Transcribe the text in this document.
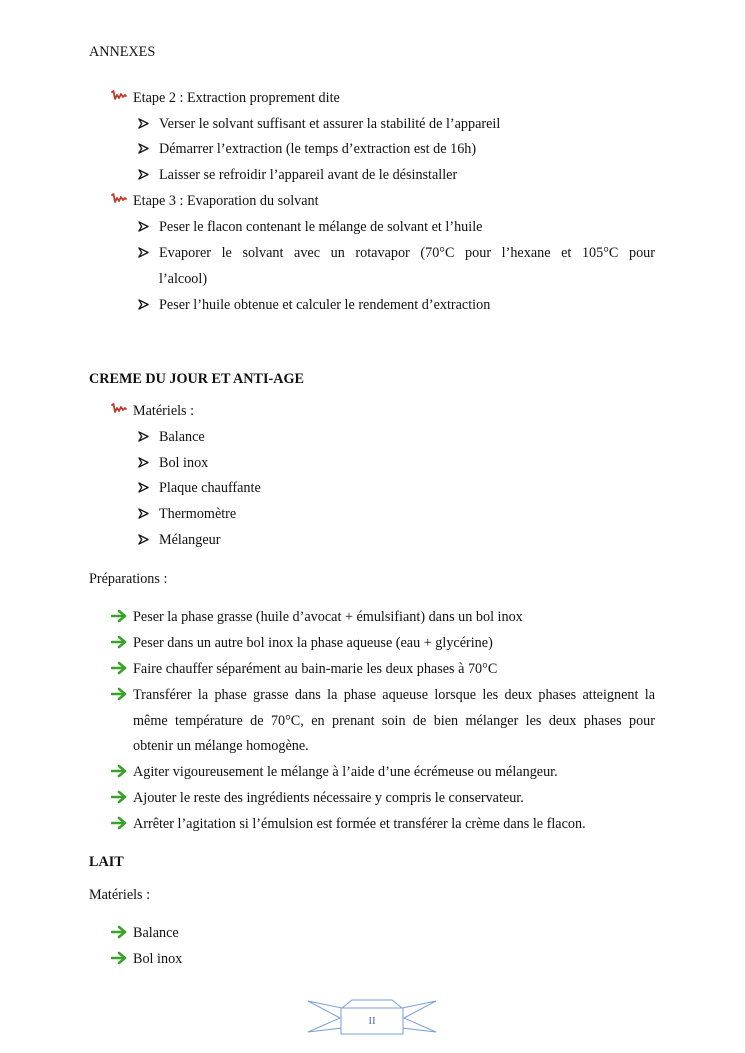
ANNEXES
Etape 2 : Extraction proprement dite
Verser le solvant suffisant et assurer la stabilité de l’appareil
Démarrer l’extraction (le temps d’extraction est de 16h)
Laisser se refroidir l’appareil avant de le désinstaller
Etape 3 : Evaporation du solvant
Peser le flacon contenant le mélange de solvant et l’huile
Evaporer le solvant avec un rotavapor (70°C pour l’hexane et 105°C pour
l’alcool)
Peser l’huile obtenue et calculer le rendement d’extraction
CREME DU JOUR ET ANTI-AGE
Matériels :
Balance
Bol inox
Plaque chauffante
Thermomètre
Mélangeur
Préparations :
Peser la phase grasse (huile d’avocat + émulsifiant) dans un bol inox
Peser dans un autre bol inox la phase aqueuse (eau + glycérine)
Faire chauffer séparément au bain-marie les deux phases à 70°C
Transférer la phase grasse dans la phase aqueuse lorsque les deux phases atteignent la
même température de 70°C, en prenant soin de bien mélanger les deux phases pour
obtenir un mélange homogène.
Agiter vigoureusement le mélange à l’aide d’une écrémeuse ou mélangeur.
Ajouter le reste des ingrédients nécessaire y compris le conservateur.
Arrêter l’agitation si l’émulsion est formée et transférer la crème dans le flacon.
LAIT
Matériels :
Balance
Bol inox
II
